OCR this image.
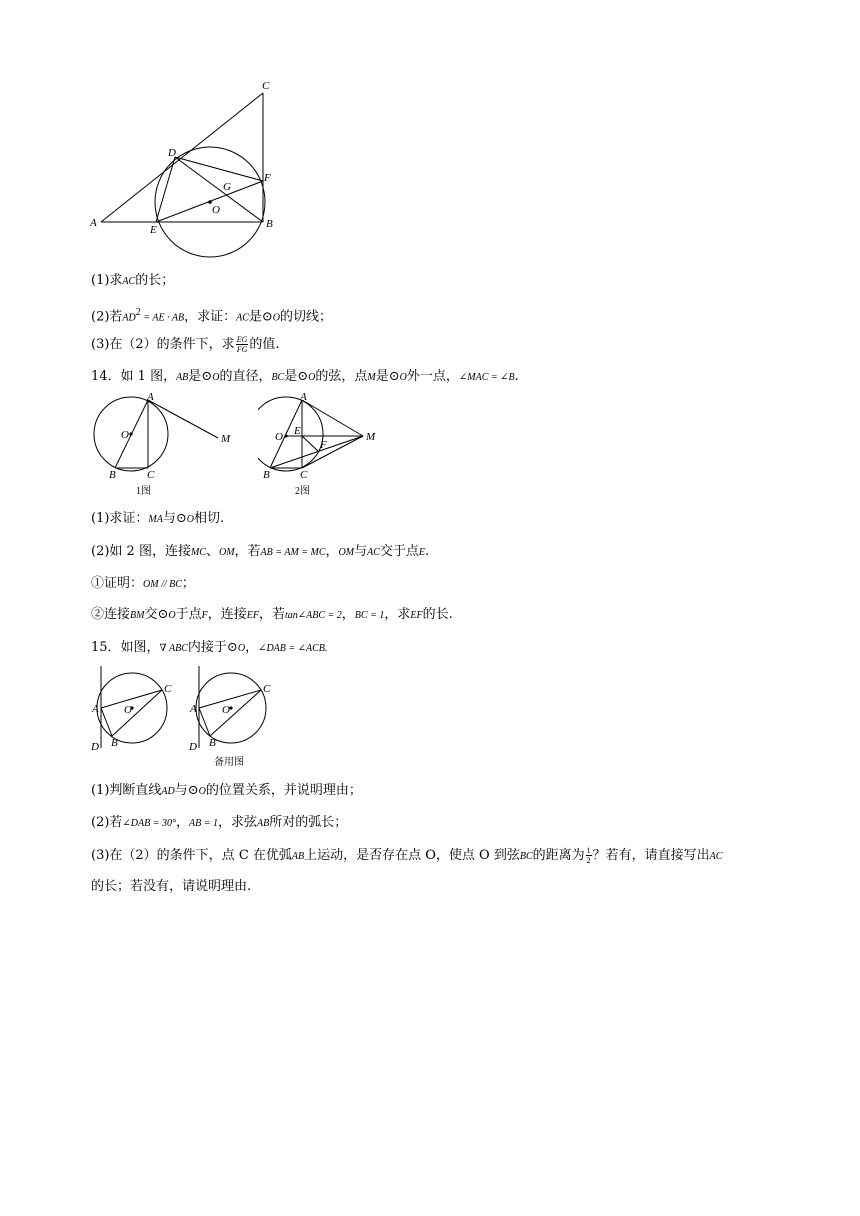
A	B
C
D
E
F
G
O
(1)求AC的长；
(2)若$AD^2$ = AE · AB，求证：AC是⊙O的切线；
(3)在（2）的条件下，求 $\frac{EG}{FG}$ 的值.
14．如 1 图，AB是⊙O的直径，BC是⊙O的弦，点M是⊙O外一点，∠MAC = ∠B.
A
B	C
O	M
1图
A
B	C
O	M
E
F
2图
(1)求证：MA与⊙O相切.
(2)如 2 图，连接MC、OM，若AB = AM = MC，OM与AC交于点E.
①证明：OM // BC；
②连接BM交⊙O于点F，连接EF，若tan∠ABC = 2，BC = 1，求EF的长.
15．如图，∇ ABC内接于⊙O，∠DAB = ∠ACB.
A
B
C
D
O	A
B
C
D
O
备用图
(1)判断直线AD与⊙O的位置关系，并说明理由；
(2)若∠DAB = 30°，AB = 1，求弦AB所对的弧长；
(3)在（2）的条件下，点 C 在优弧AB上运动，是否存在点 O，使点 O 到弦BC的距离为 $\frac{1}{2}$ ？若有，请直接写出AC
的长；若没有，请说明理由.
